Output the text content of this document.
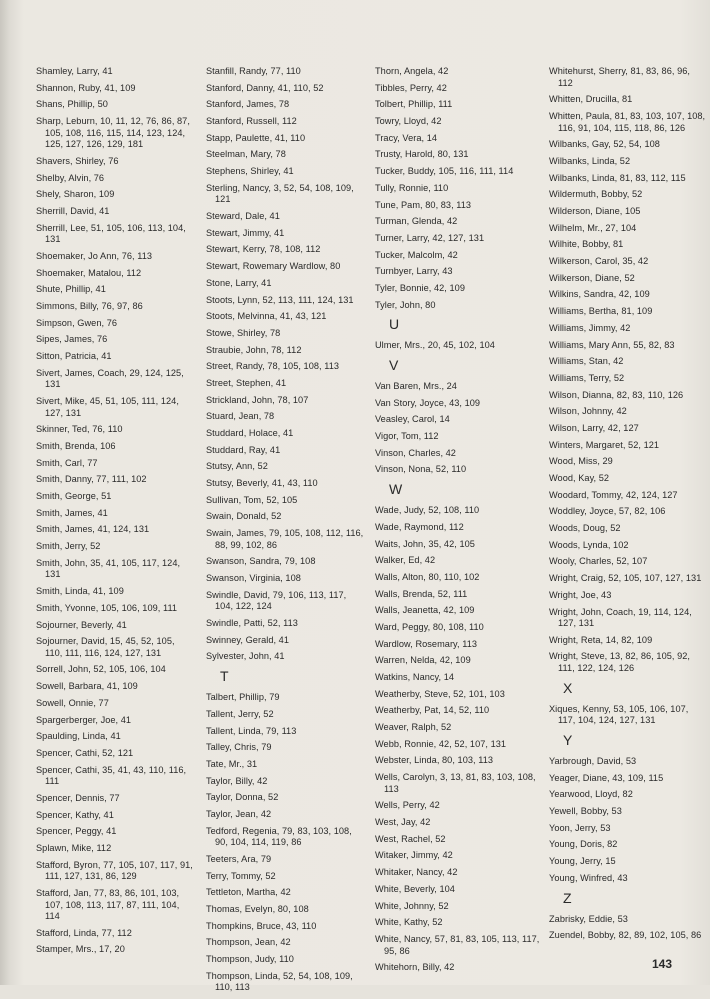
Shamley, Larry, 41
Shannon, Ruby, 41, 109
Shans, Phillip, 50
Sharp, Leburn, 10, 11, 12, 76, 86, 87, 105, 108, 116, 115, 114, 123, 124, 125, 127, 126, 129, 181
Shavers, Shirley, 76
Shelby, Alvin, 76
Shely, Sharon, 109
Sherrill, David, 41
Sherrill, Lee, 51, 105, 106, 113, 104, 131
Shoemaker, Jo Ann, 76, 113
Shoemaker, Matalou, 112
Shute, Phillip, 41
Simmons, Billy, 76, 97, 86
Simpson, Gwen, 76
Sipes, James, 76
Sitton, Patricia, 41
Sivert, James, Coach, 29, 124, 125, 131
Sivert, Mike, 45, 51, 105, 111, 124, 127, 131
Skinner, Ted, 76, 110
Smith, Brenda, 106
Smith, Carl, 77
Smith, Danny, 77, 111, 102
Smith, George, 51
Smith, James, 41
Smith, James, 41, 124, 131
Smith, Jerry, 52
Smith, John, 35, 41, 105, 117, 124, 131
Smith, Linda, 41, 109
Smith, Yvonne, 105, 106, 109, 111
Sojourner, Beverly, 41
Sojourner, David, 15, 45, 52, 105, 110, 111, 116, 124, 127, 131
Sorrell, John, 52, 105, 106, 104
Sowell, Barbara, 41, 109
Sowell, Onnie, 77
Spargerberger, Joe, 41
Spaulding, Linda, 41
Spencer, Cathi, 52, 121
Spencer, Cathi, 35, 41, 43, 110, 116, 111
Spencer, Dennis, 77
Spencer, Kathy, 41
Spencer, Peggy, 41
Splawn, Mike, 112
Stafford, Byron, 77, 105, 107, 117, 91, 111, 127, 131, 86, 129
Stafford, Jan, 77, 83, 86, 101, 103, 107, 108, 113, 117, 87, 111, 104, 114
Stafford, Linda, 77, 112
Stamper, Mrs., 17, 20
Stanfill, Randy, 77, 110
Stanford, Danny, 41, 110, 52
Stanford, James, 78
Stanford, Russell, 112
Stapp, Paulette, 41, 110
Steelman, Mary, 78
Stephens, Shirley, 41
Sterling, Nancy, 3, 52, 54, 108, 109, 121
Steward, Dale, 41
Stewart, Jimmy, 41
Stewart, Kerry, 78, 108, 112
Stewart, Rowemary Wardlow, 80
Stone, Larry, 41
Stoots, Lynn, 52, 113, 111, 124, 131
Stoots, Melvinna, 41, 43, 121
Stowe, Shirley, 78
Straubie, John, 78, 112
Street, Randy, 78, 105, 108, 113
Street, Stephen, 41
Strickland, John, 78, 107
Stuard, Jean, 78
Studdard, Holace, 41
Studdard, Ray, 41
Stutsy, Ann, 52
Stutsy, Beverly, 41, 43, 110
Sullivan, Tom, 52, 105
Swain, Donald, 52
Swain, James, 79, 105, 108, 112, 116, 88, 99, 102, 86
Swanson, Sandra, 79, 108
Swanson, Virginia, 108
Swindle, David, 79, 106, 113, 117, 104, 122, 124
Swindle, Patti, 52, 113
Swinney, Gerald, 41
Sylvester, John, 41
T
Talbert, Phillip, 79
Tallent, Jerry, 52
Tallent, Linda, 79, 113
Talley, Chris, 79
Tate, Mr., 31
Taylor, Billy, 42
Taylor, Donna, 52
Taylor, Jean, 42
Tedford, Regenia, 79, 83, 103, 108, 90, 104, 114, 119, 86
Teeters, Ara, 79
Terry, Tommy, 52
Tettleton, Martha, 42
Thomas, Evelyn, 80, 108
Thompkins, Bruce, 43, 110
Thompson, Jean, 42
Thompson, Judy, 110
Thompson, Linda, 52, 54, 108, 109, 110, 113
Thorn, Angela, 42
Tibbles, Perry, 42
Tolbert, Phillip, 111
Towry, Lloyd, 42
Tracy, Vera, 14
Trusty, Harold, 80, 131
Tucker, Buddy, 105, 116, 111, 114
Tully, Ronnie, 110
Tune, Pam, 80, 83, 113
Turman, Glenda, 42
Turner, Larry, 42, 127, 131
Tucker, Malcolm, 42
Turnbyer, Larry, 43
Tyler, Bonnie, 42, 109
Tyler, John, 80
U
Ulmer, Mrs., 20, 45, 102, 104
V
Van Baren, Mrs., 24
Van Story, Joyce, 43, 109
Veasley, Carol, 14
Vigor, Tom, 112
Vinson, Charles, 42
Vinson, Nona, 52, 110
W
Wade, Judy, 52, 108, 110
Wade, Raymond, 112
Waits, John, 35, 42, 105
Walker, Ed, 42
Walls, Alton, 80, 110, 102
Walls, Brenda, 52, 111
Walls, Jeanetta, 42, 109
Ward, Peggy, 80, 108, 110
Wardlow, Rosemary, 113
Warren, Nelda, 42, 109
Watkins, Nancy, 14
Weatherby, Steve, 52, 101, 103
Weatherby, Pat, 14, 52, 110
Weaver, Ralph, 52
Webb, Ronnie, 42, 52, 107, 131
Webster, Linda, 80, 103, 113
Wells, Carolyn, 3, 13, 81, 83, 103, 108, 113
Wells, Perry, 42
West, Jay, 42
West, Rachel, 52
Witaker, Jimmy, 42
Whitaker, Nancy, 42
White, Beverly, 104
White, Johnny, 52
White, Kathy, 52
White, Nancy, 57, 81, 83, 105, 113, 117, 95, 86
Whitehorn, Billy, 42
Whitehurst, Sherry, 81, 83, 86, 96, 112
Whitten, Drucilla, 81
Whitten, Paula, 81, 83, 103, 107, 108, 116, 91, 104, 115, 118, 86, 126
Wilbanks, Gay, 52, 54, 108
Wilbanks, Linda, 52
Wilbanks, Linda, 81, 83, 112, 115
Wildermuth, Bobby, 52
Wilderson, Diane, 105
Wilhelm, Mr., 27, 104
Wilhite, Bobby, 81
Wilkerson, Carol, 35, 42
Wilkerson, Diane, 52
Wilkins, Sandra, 42, 109
Williams, Bertha, 81, 109
Williams, Jimmy, 42
Williams, Mary Ann, 55, 82, 83
Williams, Stan, 42
Williams, Terry, 52
Wilson, Dianna, 82, 83, 110, 126
Wilson, Johnny, 42
Wilson, Larry, 42, 127
Winters, Margaret, 52, 121
Wood, Miss, 29
Wood, Kay, 52
Woodard, Tommy, 42, 124, 127
Woddley, Joyce, 57, 82, 106
Woods, Doug, 52
Woods, Lynda, 102
Wooly, Charles, 52, 107
Wright, Craig, 52, 105, 107, 127, 131
Wright, Joe, 43
Wright, John, Coach, 19, 114, 124, 127, 131
Wright, Reta, 14, 82, 109
Wright, Steve, 13, 82, 86, 105, 92, 111, 122, 124, 126
X
Xiques, Kenny, 53, 105, 106, 107, 117, 104, 124, 127, 131
Y
Yarbrough, David, 53
Yeager, Diane, 43, 109, 115
Yearwood, Lloyd, 82
Yewell, Bobby, 53
Yoon, Jerry, 53
Young, Doris, 82
Young, Jerry, 15
Young, Winfred, 43
Z
Zabrisky, Eddie, 53
Zuendel, Bobby, 82, 89, 102, 105, 86
143
